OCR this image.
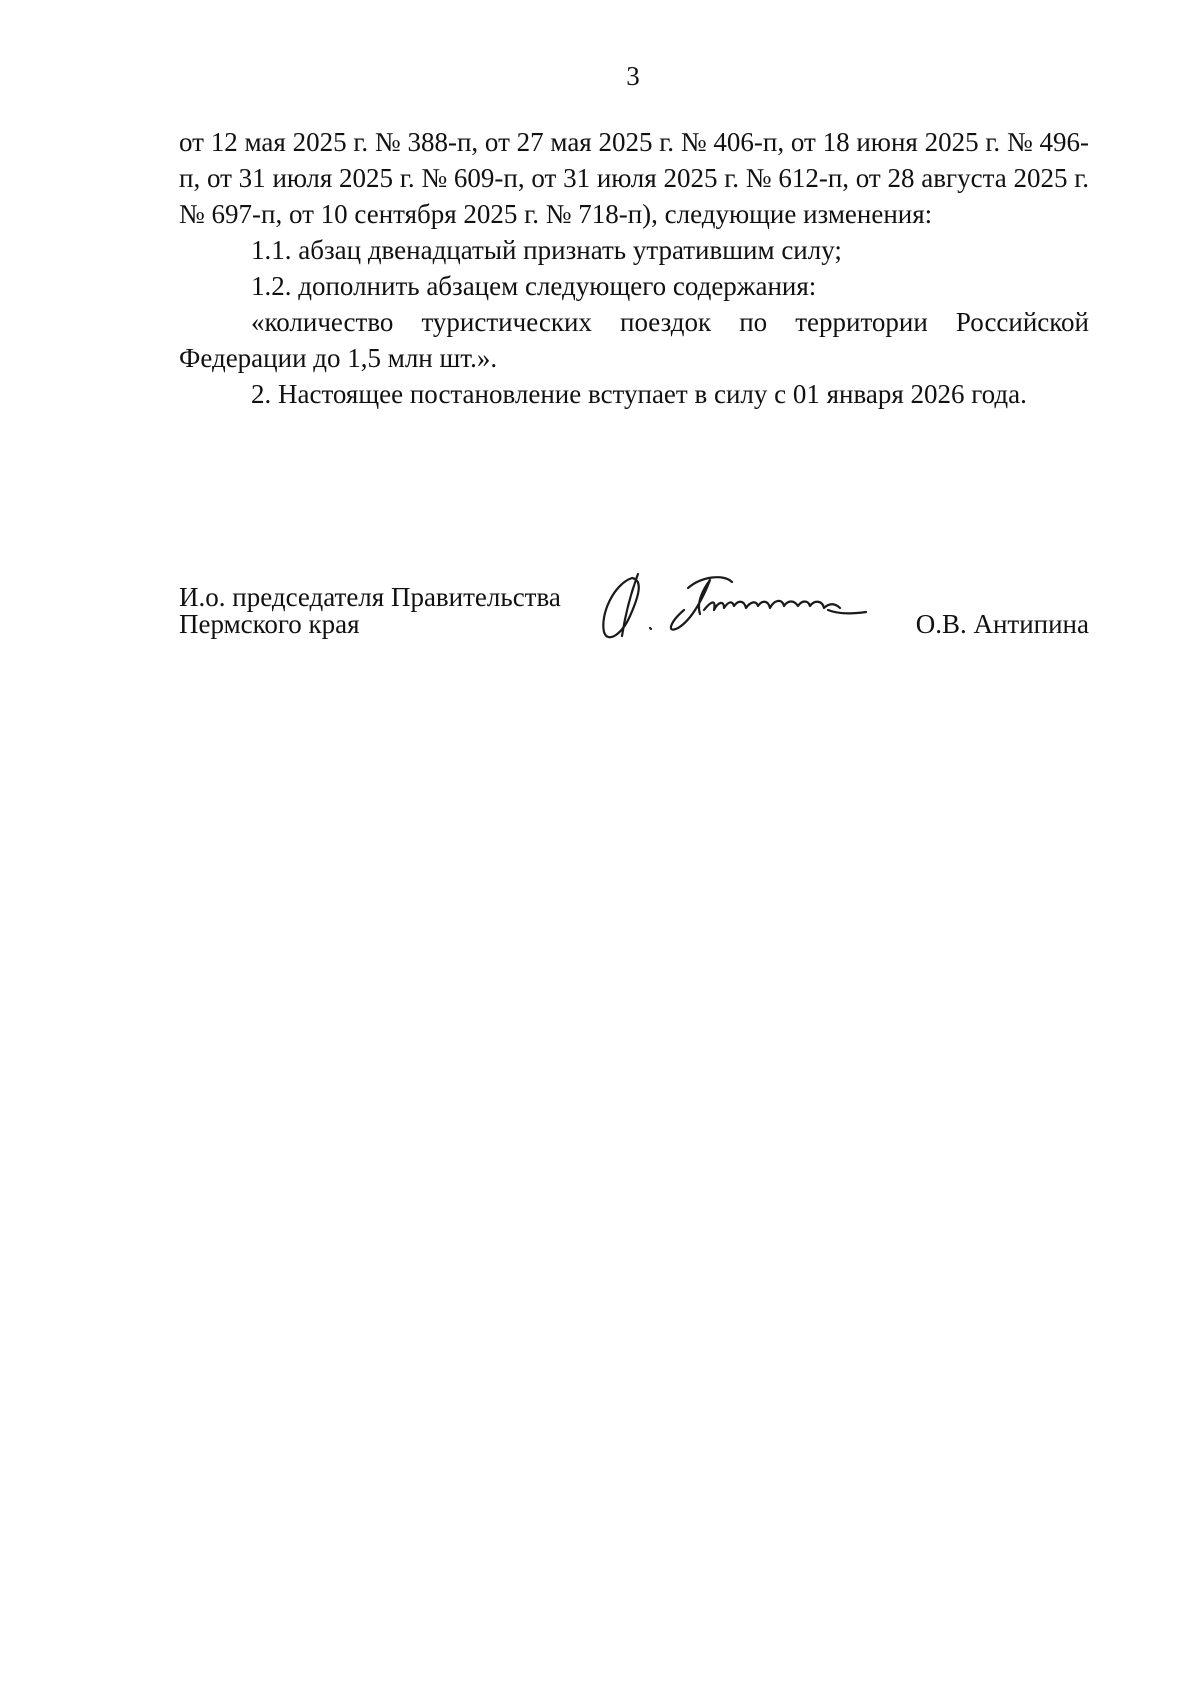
3

от 12 мая 2025 г. № 388-п, от 27 мая 2025 г. № 406-п, от 18 июня 2025 г. № 496-п, от 31 июля 2025 г. № 609-п, от 31 июля 2025 г. № 612-п, от 28 августа 2025 г. № 697-п, от 10 сентября 2025 г. № 718-п), следующие изменения:

1.1. абзац двенадцатый признать утратившим силу;

1.2. дополнить абзацем следующего содержания:

«количество туристических поездок по территории Российской Федерации до 1,5 млн шт.».

2. Настоящее постановление вступает в силу с 01 января 2026 года.

И.о. председателя Правительства
Пермского края	О.В. Антипина
